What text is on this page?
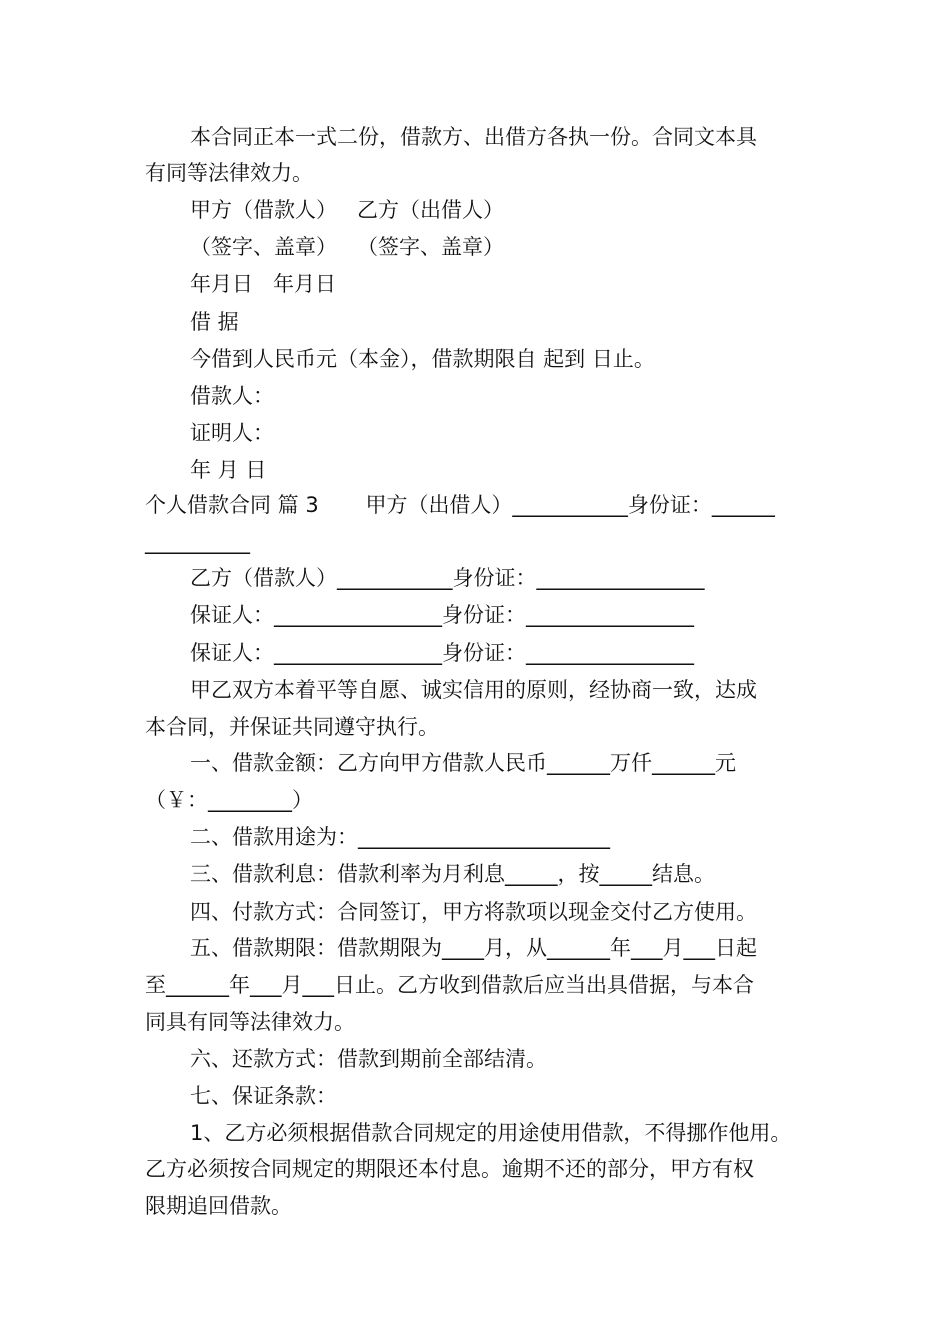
本合同正本一式二份，借款方、出借方各执一份。合同文本具
有同等法律效力。
甲方（借款人）   乙方（出借人）
（签字、盖章）   （签字、盖章）
年月日   年月日
借 据
今借到人民币元（本金），借款期限自 起到 日止。
借款人：
证明人：
年 月 日
个人借款合同 篇 3       甲方（出借人）___________身份证：______
__________
乙方（借款人）___________身份证：________________
保证人：________________身份证：________________
保证人：________________身份证：________________
甲乙双方本着平等自愿、诚实信用的原则，经协商一致，达成
本合同，并保证共同遵守执行。
一、借款金额：乙方向甲方借款人民币______万仟______元
（￥：________）
二、借款用途为：________________________
三、借款利息：借款利率为月利息_____，按_____结息。
四、付款方式：合同签订，甲方将款项以现金交付乙方使用。
五、借款期限：借款期限为____月，从______年___月___日起
至______年___月___日止。乙方收到借款后应当出具借据，与本合
同具有同等法律效力。
六、还款方式：借款到期前全部结清。
七、保证条款：
1、乙方必须根据借款合同规定的用途使用借款，不得挪作他用。
乙方必须按合同规定的期限还本付息。逾期不还的部分，甲方有权
限期追回借款。
